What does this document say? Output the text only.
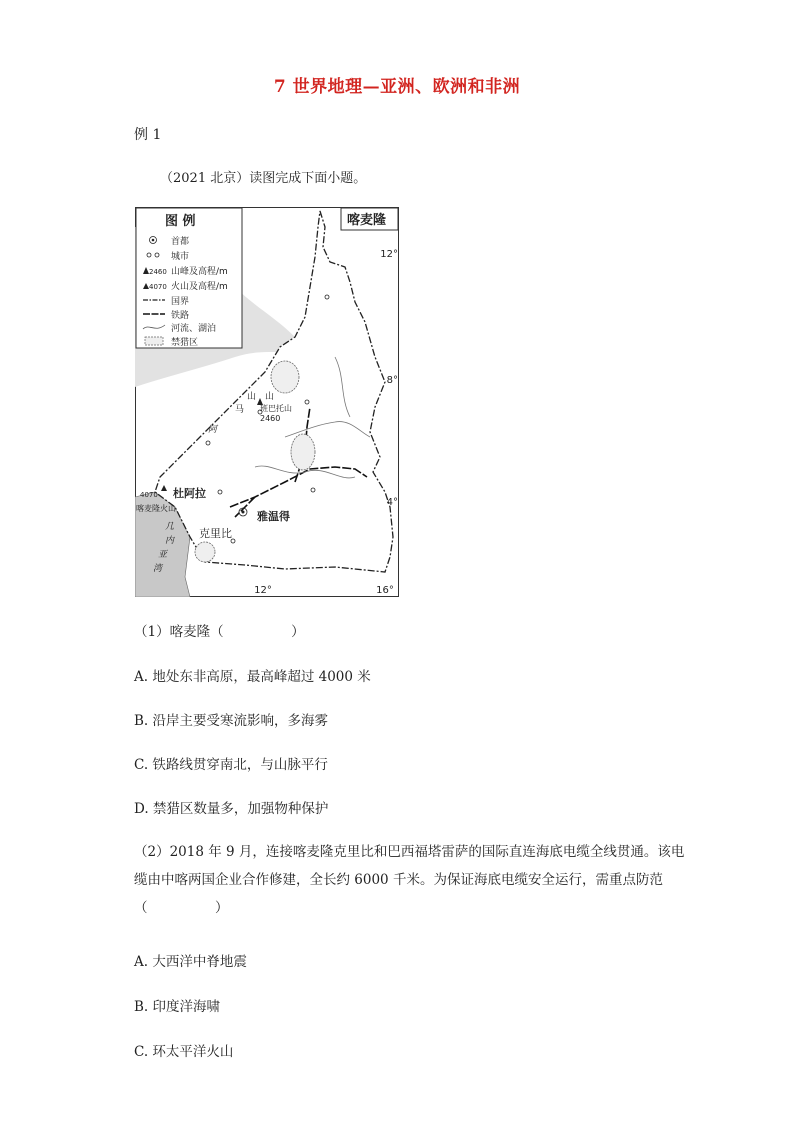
7 世界地理—亚洲、欧洲和非洲
例 1
（2021 北京）读图完成下面小题。
图 例
首都
城市
2460 山峰及高程/m
4070 火山及高程/m
国界
铁路
河流、湖泊
禁猎区
喀麦隆
12°
8°
4°
山
山
班巴 托山
2460
马
阿
杜阿拉
4070
喀麦隆火山
雅温得
克里比
几
内
亚
湾
12°	16°
（1）喀麦隆（　　　　　）
A. 地处东非高原，最高峰超过 4000 米
B. 沿岸主要受寒流影响，多海雾
C. 铁路线贯穿南北，与山脉平行
D. 禁猎区数量多，加强物种保护
（2）2018 年 9 月，连接喀麦隆克里比和巴西福塔雷萨的国际直连海底电缆全线贯通。该电缆由中喀两国企业合作修建，全长约 6000 千米。为保证海底电缆安全运行，需重点防范（　　　　　）
A. 大西洋中脊地震
B. 印度洋海啸
C. 环太平洋火山
